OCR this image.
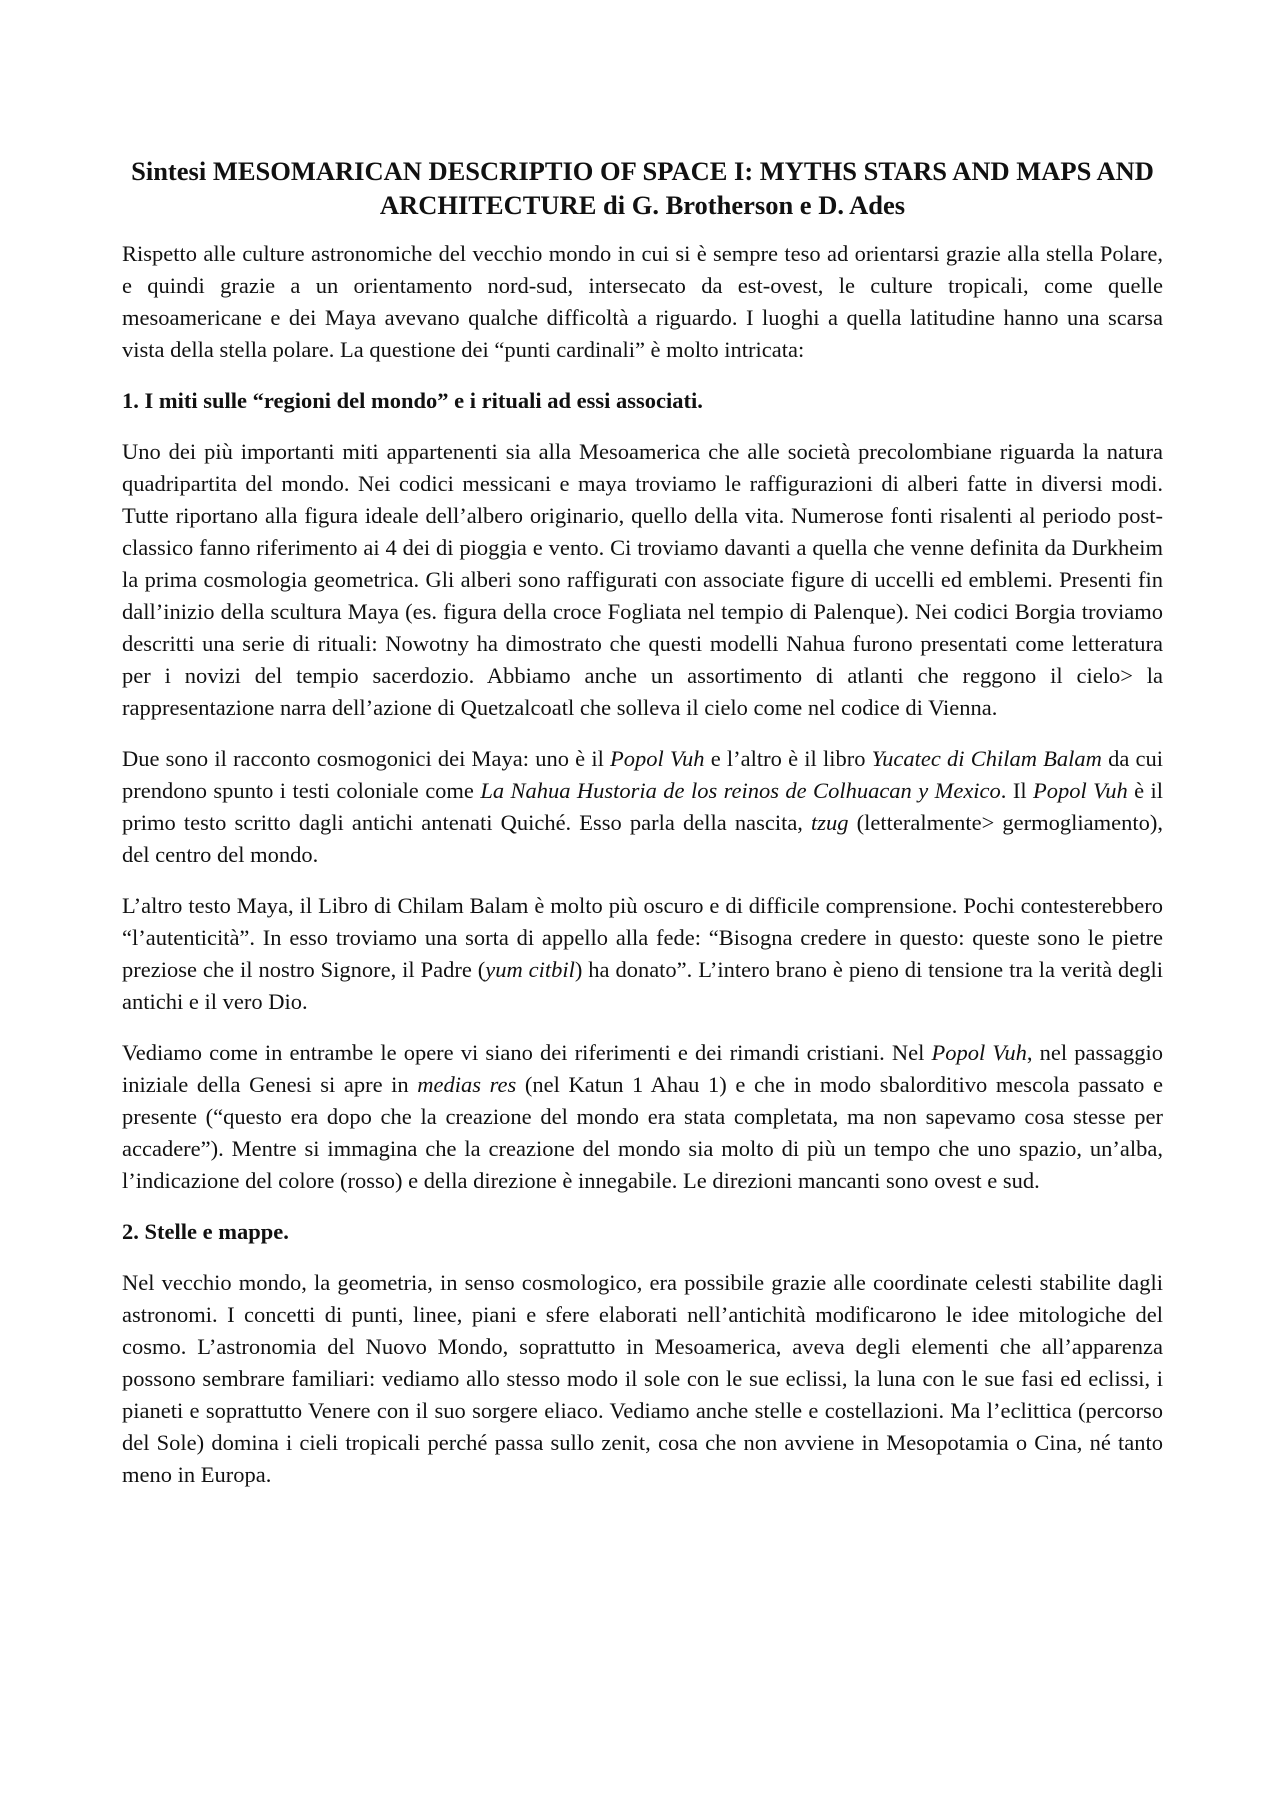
Sintesi MESOMARICAN DESCRIPTIO OF SPACE I: MYTHS STARS AND MAPS AND ARCHITECTURE di G. Brotherson e D. Ades

Rispetto alle culture astronomiche del vecchio mondo in cui si è sempre teso ad orientarsi grazie alla stella Polare, e quindi grazie a un orientamento nord-sud, intersecato da est-ovest, le culture tropicali, come quelle mesoamericane e dei Maya avevano qualche difficoltà a riguardo. I luoghi a quella latitudine hanno una scarsa vista della stella polare. La questione dei “punti cardinali” è molto intricata:

1. I miti sulle “regioni del mondo” e i rituali ad essi associati.

Uno dei più importanti miti appartenenti sia alla Mesoamerica che alle società precolombiane riguarda la natura quadripartita del mondo. Nei codici messicani e maya troviamo le raffigurazioni di alberi fatte in diversi modi. Tutte riportano alla figura ideale dell’albero originario, quello della vita. Numerose fonti risalenti al periodo post-classico fanno riferimento ai 4 dei di pioggia e vento. Ci troviamo davanti a quella che venne definita da Durkheim la prima cosmologia geometrica. Gli alberi sono raffigurati con associate figure di uccelli ed emblemi. Presenti fin dall’inizio della scultura Maya (es. figura della croce Fogliata nel tempio di Palenque). Nei codici Borgia troviamo descritti una serie di rituali: Nowotny ha dimostrato che questi modelli Nahua furono presentati come letteratura per i novizi del tempio sacerdozio. Abbiamo anche un assortimento di atlanti che reggono il cielo> la rappresentazione narra dell’azione di Quetzalcoatl che solleva il cielo come nel codice di Vienna.

Due sono il racconto cosmogonici dei Maya: uno è il Popol Vuh e l’altro è il libro Yucatec di Chilam Balam da cui prendono spunto i testi coloniale come La Nahua Hustoria de los reinos de Colhuacan y Mexico. Il Popol Vuh è il primo testo scritto dagli antichi antenati Quiché. Esso parla della nascita, tzug (letteralmente> germogliamento), del centro del mondo.

L’altro testo Maya, il Libro di Chilam Balam è molto più oscuro e di difficile comprensione. Pochi contesterebbero “l’autenticità”. In esso troviamo una sorta di appello alla fede: “Bisogna credere in questo: queste sono le pietre preziose che il nostro Signore, il Padre (yum citbil) ha donato”. L’intero brano è pieno di tensione tra la verità degli antichi e il vero Dio.

Vediamo come in entrambe le opere vi siano dei riferimenti e dei rimandi cristiani. Nel Popol Vuh, nel passaggio iniziale della Genesi si apre in medias res (nel Katun 1 Ahau 1) e che in modo sbalorditivo mescola passato e presente (“questo era dopo che la creazione del mondo era stata completata, ma non sapevamo cosa stesse per accadere”). Mentre si immagina che la creazione del mondo sia molto di più un tempo che uno spazio, un’alba, l’indicazione del colore (rosso) e della direzione è innegabile. Le direzioni mancanti sono ovest e sud.

2. Stelle e mappe.

Nel vecchio mondo, la geometria, in senso cosmologico, era possibile grazie alle coordinate celesti stabilite dagli astronomi. I concetti di punti, linee, piani e sfere elaborati nell’antichità modificarono le idee mitologiche del cosmo. L’astronomia del Nuovo Mondo, soprattutto in Mesoamerica, aveva degli elementi che all’apparenza possono sembrare familiari: vediamo allo stesso modo il sole con le sue eclissi, la luna con le sue fasi ed eclissi, i pianeti e soprattutto Venere con il suo sorgere eliaco. Vediamo anche stelle e costellazioni. Ma l’eclittica (percorso del Sole) domina i cieli tropicali perché passa sullo zenit, cosa che non avviene in Mesopotamia o Cina, né tanto meno in Europa.
